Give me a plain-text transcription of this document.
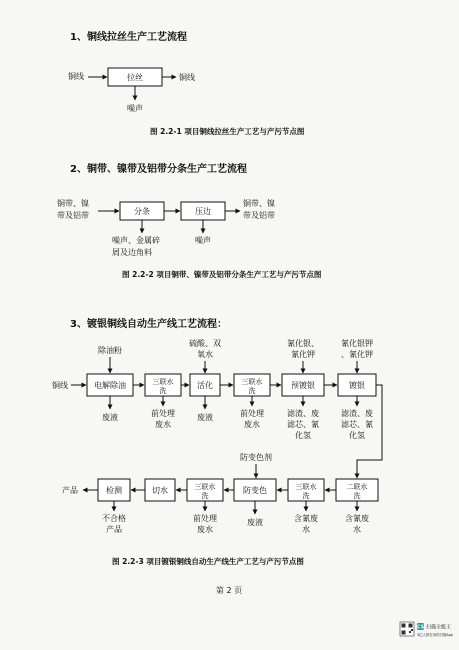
1、铜线拉丝生产工艺流程
铜线	拉丝	铜线
噪声
图 2.2-1 项目铜线拉丝生产工艺与产污节点图
2、铜带、镍带及铝带分条生产工艺流程
铜带、镍
带及铝带	分条	压边
铜带、镍
带及铝带
噪声、金属碎
屑及边角料
噪声
图 2.2-2 项目铜带、镍带及铝带分条生产工艺与产污节点图
3、镀银铜线自动生产线工艺流程：
除油粉
硫酸、双
氧水
氰化银、
氰化钾
氰化银钾
、氰化钾
铜线	电解除油	三联水
洗
活化	三联水
洗
预镀银	镀银
废液	前处理
废水
废液	前处理
废水
滤渣、废
滤芯、氰
化氢
滤渣、废
滤芯、氰
化氢
防变色剂
二联水
洗
三联水
洗
防变色
三联水
洗
切水
检测
产品
不合格
产品
前处理
废水
废液	含氰废
水
含氰废
水
图 2.2-3 项目镀银铜线自动生产线生产工艺与产污节点图
第 2 页
CS 扫描全能王
3亿人都在用的扫描App
